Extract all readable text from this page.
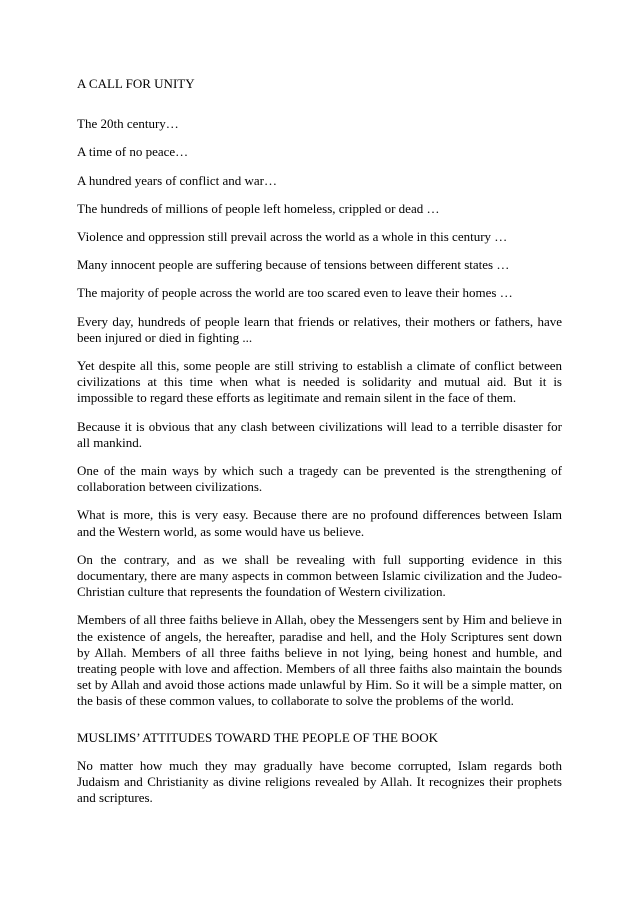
A CALL FOR UNITY

The 20th century…

A time of no peace…

A hundred years of conflict and war…

The hundreds of millions of people left homeless, crippled or dead …

Violence and oppression still prevail across the world as a whole in this century …

Many innocent people are suffering because of tensions between different states …

The majority of people across the world are too scared even to leave their homes …

Every day, hundreds of people learn that friends or relatives, their mothers or fathers, have been injured or died in fighting ...

Yet despite all this, some people are still striving to establish a climate of conflict between civilizations at this time when what is needed is solidarity and mutual aid. But it is impossible to regard these efforts as legitimate and remain silent in the face of them.

Because it is obvious that any clash between civilizations will lead to a terrible disaster for all mankind.

One of the main ways by which such a tragedy can be prevented is the strengthening of collaboration between civilizations.

What is more, this is very easy. Because there are no profound differences between Islam and the Western world, as some would have us believe.

On the contrary, and as we shall be revealing with full supporting evidence in this documentary, there are many aspects in common between Islamic civilization and the Judeo-Christian culture that represents the foundation of Western civilization.

Members of all three faiths believe in Allah, obey the Messengers sent by Him and believe in the existence of angels, the hereafter, paradise and hell, and the Holy Scriptures sent down by Allah. Members of all three faiths believe in not lying, being honest and humble, and treating people with love and affection. Members of all three faiths also maintain the bounds set by Allah and avoid those actions made unlawful by Him. So it will be a simple matter, on the basis of these common values, to collaborate to solve the problems of the world.

MUSLIMS’ ATTITUDES TOWARD THE PEOPLE OF THE BOOK

No matter how much they may gradually have become corrupted, Islam regards both Judaism and Christianity as divine religions revealed by Allah. It recognizes their prophets and scriptures.
